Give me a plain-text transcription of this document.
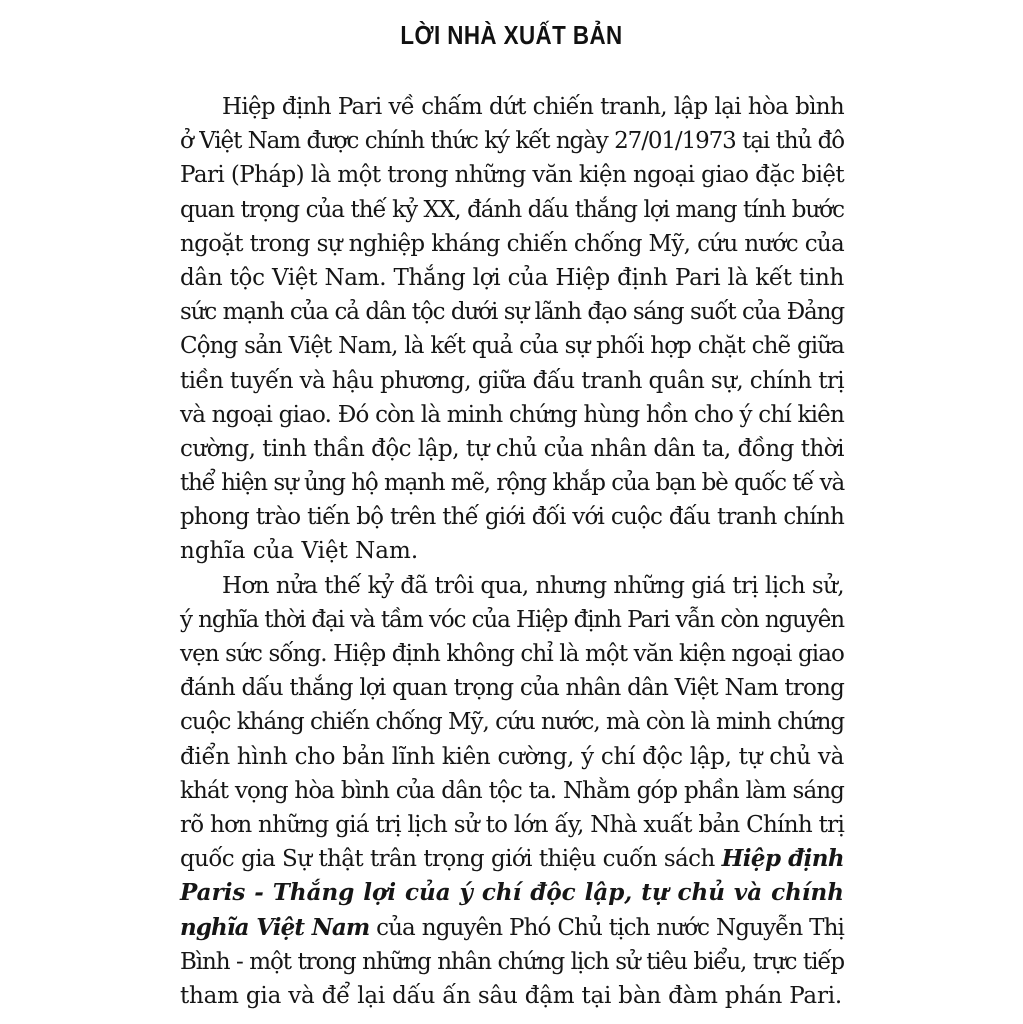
LỜI NHÀ XUẤT BẢN
Hiệp định Pari về chấm dứt chiến tranh, lập lại hòa bình
ở Việt Nam được chính thức ký kết ngày 27/01/1973 tại thủ đô
Pari (Pháp) là một trong những văn kiện ngoại giao đặc biệt
quan trọng của thế kỷ XX, đánh dấu thắng lợi mang tính bước
ngoặt trong sự nghiệp kháng chiến chống Mỹ, cứu nước của
dân tộc Việt Nam. Thắng lợi của Hiệp định Pari là kết tinh
sức mạnh của cả dân tộc dưới sự lãnh đạo sáng suốt của Đảng
Cộng sản Việt Nam, là kết quả của sự phối hợp chặt chẽ giữa
tiền tuyến và hậu phương, giữa đấu tranh quân sự, chính trị
và ngoại giao. Đó còn là minh chứng hùng hồn cho ý chí kiên
cường, tinh thần độc lập, tự chủ của nhân dân ta, đồng thời
thể hiện sự ủng hộ mạnh mẽ, rộng khắp của bạn bè quốc tế và
phong trào tiến bộ trên thế giới đối với cuộc đấu tranh chính
nghĩa của Việt Nam.
Hơn nửa thế kỷ đã trôi qua, nhưng những giá trị lịch sử,
ý nghĩa thời đại và tầm vóc của Hiệp định Pari vẫn còn nguyên
vẹn sức sống. Hiệp định không chỉ là một văn kiện ngoại giao
đánh dấu thắng lợi quan trọng của nhân dân Việt Nam trong
cuộc kháng chiến chống Mỹ, cứu nước, mà còn là minh chứng
điển hình cho bản lĩnh kiên cường, ý chí độc lập, tự chủ và
khát vọng hòa bình của dân tộc ta. Nhằm góp phần làm sáng
rõ hơn những giá trị lịch sử to lớn ấy, Nhà xuất bản Chính trị
quốc gia Sự thật trân trọng giới thiệu cuốn sách Hiệp định
Paris - Thắng lợi của ý chí độc lập, tự chủ và chính
nghĩa Việt Nam của nguyên Phó Chủ tịch nước Nguyễn Thị
Bình - một trong những nhân chứng lịch sử tiêu biểu, trực tiếp
tham gia và để lại dấu ấn sâu đậm tại bàn đàm phán Pari.
